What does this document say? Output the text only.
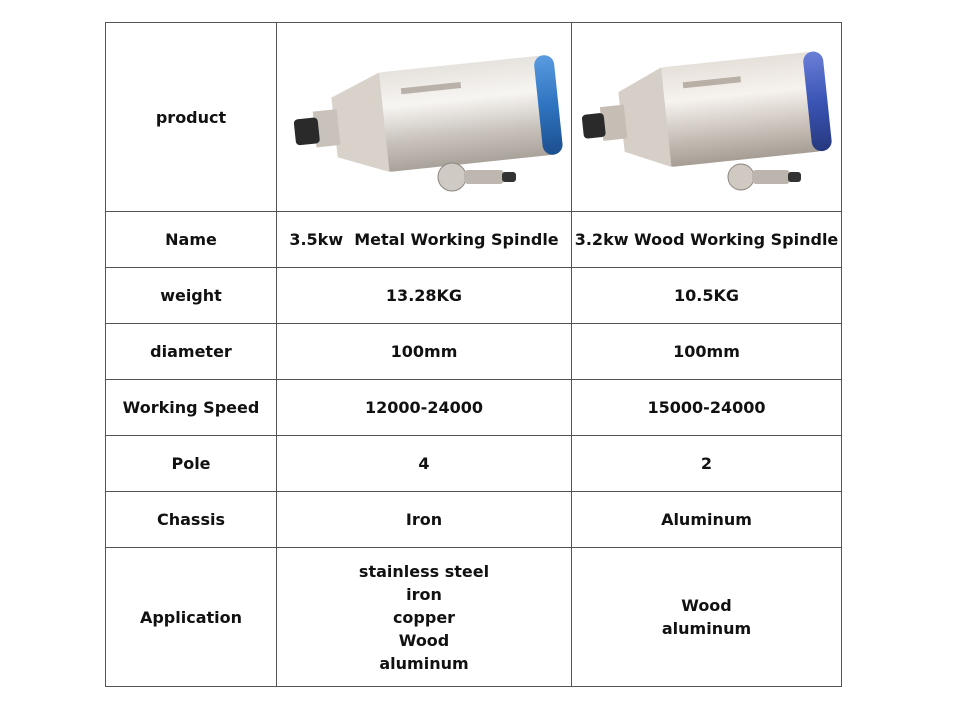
product	

Name	3.5kw  Metal Working Spindle	3.2kw Wood Working Spindle
weight	13.28KG	10.5KG
diameter	100mm	100mm
Working Speed	12000-24000	15000-24000
Pole	4	2
Chassis	Iron	Aluminum
Application	stainless steel
iron
copper
Wood
aluminum	Wood
aluminum
